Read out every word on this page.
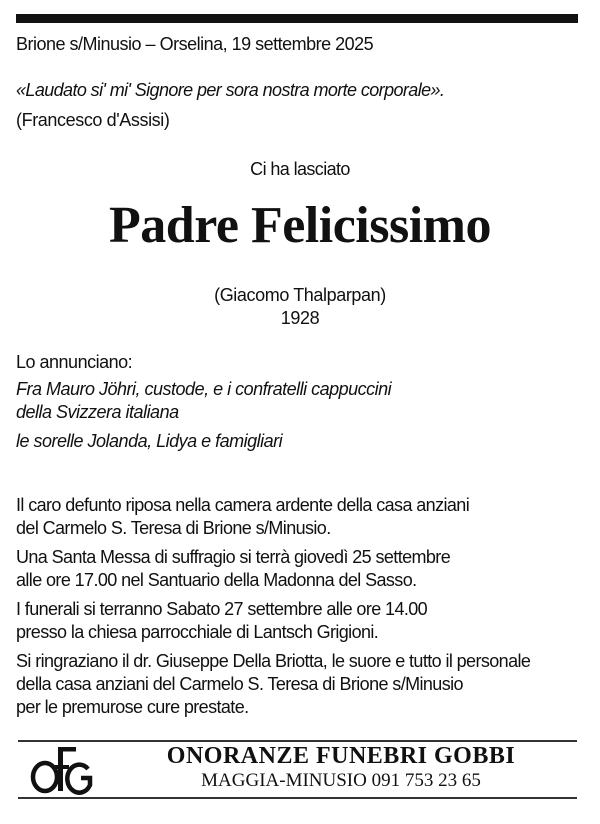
Brione s/Minusio – Orselina, 19 settembre 2025
«Laudato si' mi' Signore per sora nostra morte corporale».
(Francesco d'Assisi)
Ci ha lasciato
Padre Felicissimo
(Giacomo Thalparpan)
1928
Lo annunciano:
Fra Mauro Jöhri, custode, e i confratelli cappuccini
della Svizzera italiana
le sorelle Jolanda, Lidya e famigliari

Il caro defunto riposa nella camera ardente della casa anziani
del Carmelo S. Teresa di Brione s/Minusio.

Una Santa Messa di suffragio si terrà giovedì 25 settembre
alle ore 17.00 nel Santuario della Madonna del Sasso.

I funerali si terranno Sabato 27 settembre alle ore 14.00
presso la chiesa parrocchiale di Lantsch Grigioni.

Si ringraziano il dr. Giuseppe Della Briotta, le suore e tutto il personale
della casa anziani del Carmelo S. Teresa di Brione s/Minusio
per le premurose cure prestate.

ONORANZE FUNEBRI GOBBI
MAGGIA-MINUSIO 091 753 23 65
